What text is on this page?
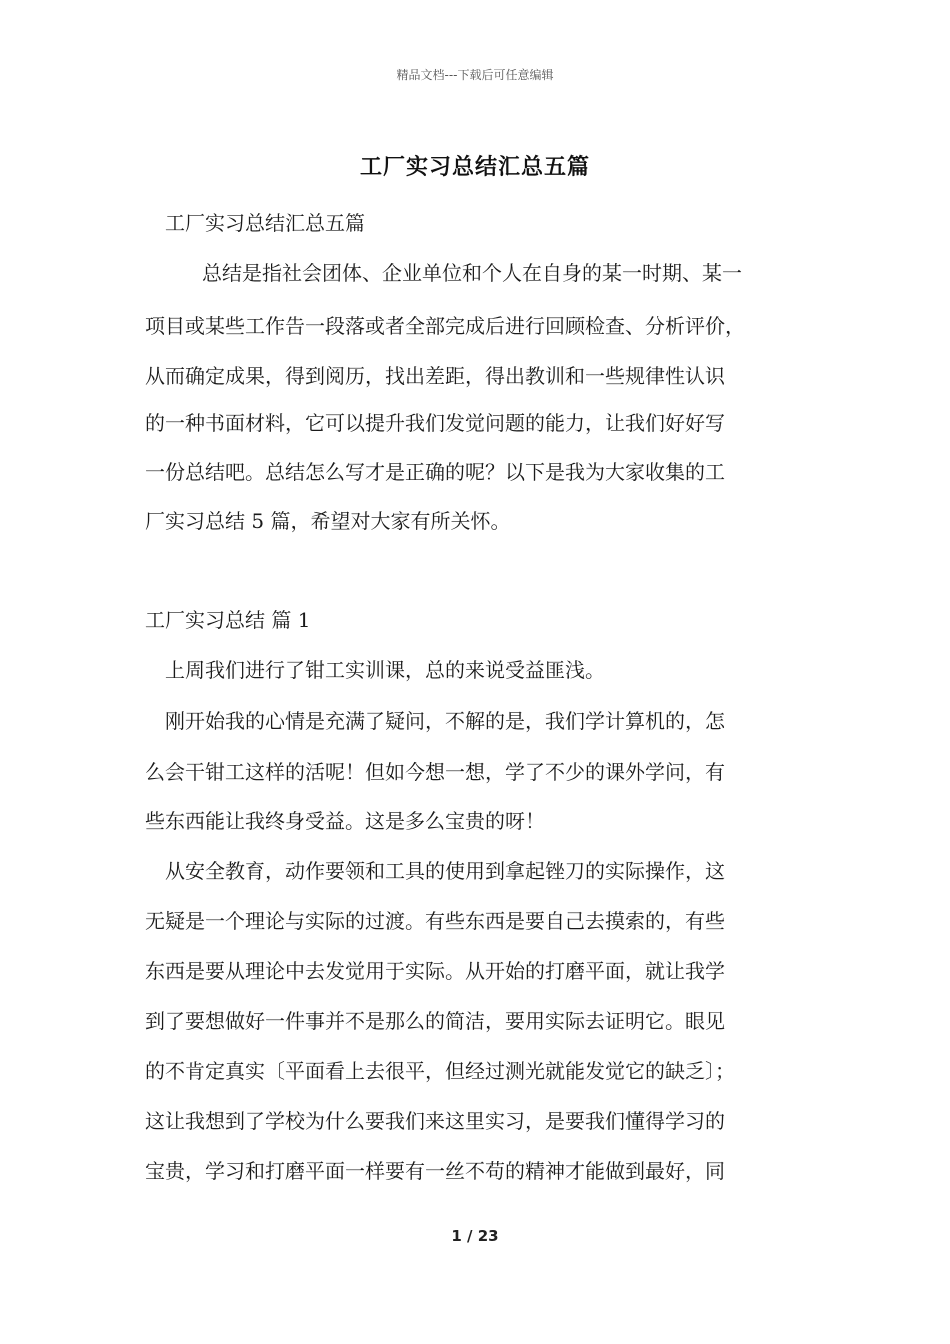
精品文档---下载后可任意编辑
工厂实习总结汇总五篇
工厂实习总结汇总五篇
总结是指社会团体、企业单位和个人在自身的某一时期、某一
项目或某些工作告一段落或者全部完成后进行回顾检查、分析评价，
从而确定成果，得到阅历，找出差距，得出教训和一些规律性认识
的一种书面材料，它可以提升我们发觉问题的能力，让我们好好写
一份总结吧。总结怎么写才是正确的呢？以下是我为大家收集的工
厂实习总结 5 篇，希望对大家有所关怀。
工厂实习总结 篇 1
上周我们进行了钳工实训课，总的来说受益匪浅。
刚开始我的心情是充满了疑问，不解的是，我们学计算机的，怎
么会干钳工这样的活呢！但如今想一想，学了不少的课外学问，有
些东西能让我终身受益。这是多么宝贵的呀！
从安全教育，动作要领和工具的使用到拿起锉刀的实际操作，这
无疑是一个理论与实际的过渡。有些东西是要自己去摸索的，有些
东西是要从理论中去发觉用于实际。从开始的打磨平面，就让我学
到了要想做好一件事并不是那么的简洁，要用实际去证明它。眼见
的不肯定真实〔平面看上去很平，但经过测光就能发觉它的缺乏〕；
这让我想到了学校为什么要我们来这里实习，是要我们懂得学习的
宝贵，学习和打磨平面一样要有一丝不苟的精神才能做到最好，同
1 / 23
